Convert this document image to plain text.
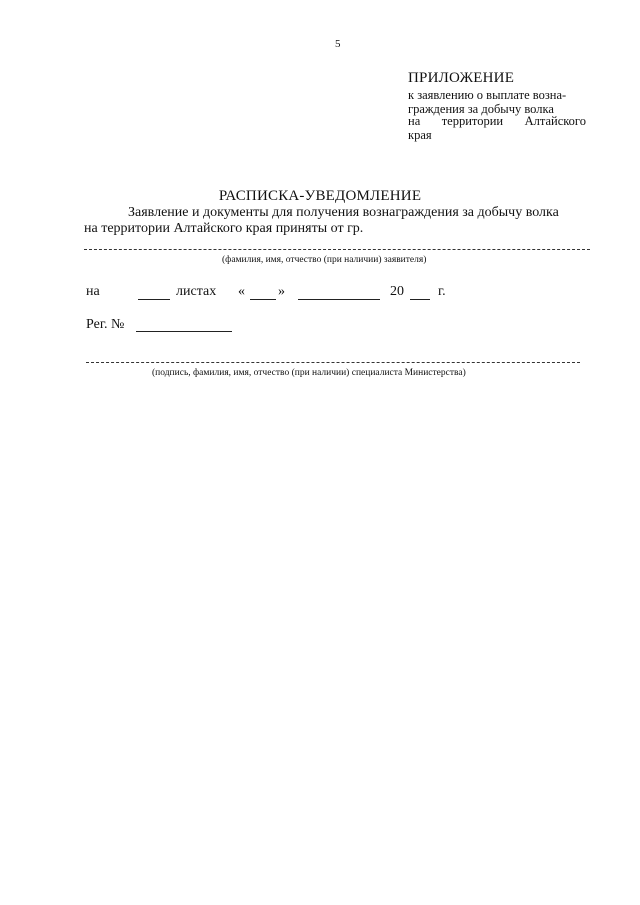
5
ПРИЛОЖЕНИЕ
к заявлению о выплате возна-
граждения за добычу волка
на территории Алтайского
края
РАСПИСКА-УВЕДОМЛЕНИЕ
Заявление и документы для получения вознаграждения за добычу волка
на территории Алтайского края приняты от гр.
(фамилия, имя, отчество (при наличии) заявителя)
на	листах « »	20 г.
Рег. №
(подпись, фамилия, имя, отчество (при наличии) специалиста Министерства)
